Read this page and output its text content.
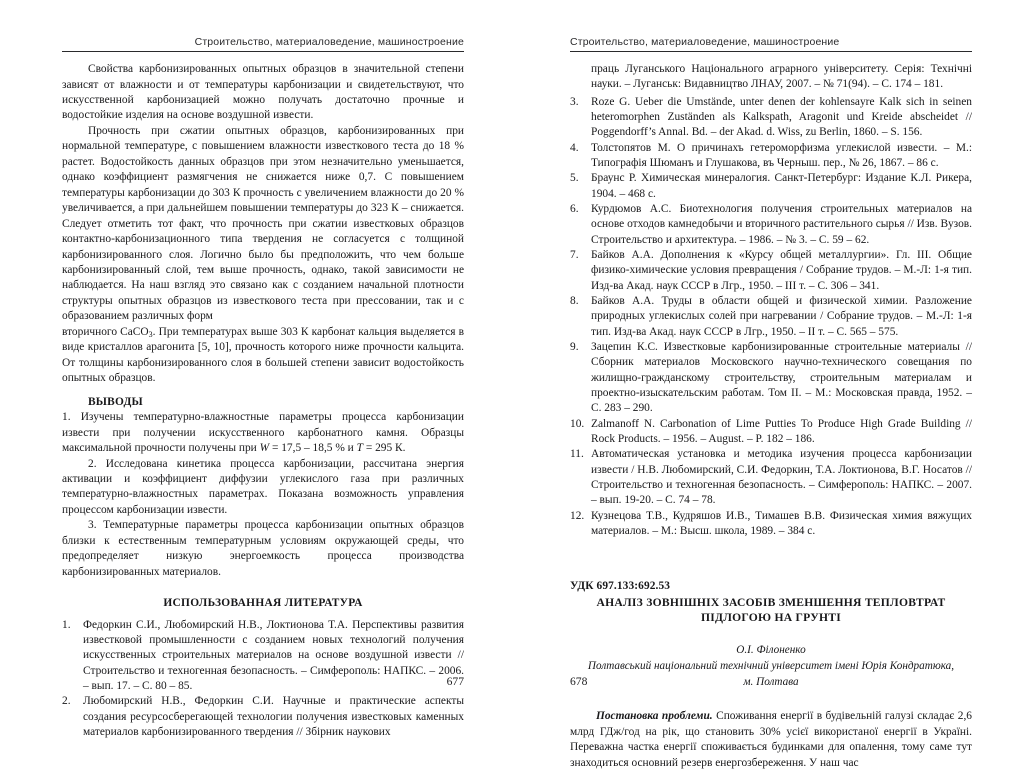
Строительство, материаловедение, машиностроение

Свойства карбонизированных опытных образцов в значительной степени зависят от влажности и от температуры карбонизации и свидетельствуют, что искусственной карбонизацией можно получать достаточно прочные и водостойкие изделия на основе воздушной извести.

Прочность при сжатии опытных образцов, карбонизированных при нормальной температуре, с повышением влажности известкового теста до 18 % растет. Водостойкость данных образцов при этом незначительно уменьшается, однако коэффициент размягчения не снижается ниже 0,7. С повышением температуры карбонизации до 303 К прочность с увеличением влажности до 20 % увеличивается, а при дальнейшем повышении температуры до 323 К – снижается. Следует отметить тот факт, что прочность при сжатии известковых образцов контактно-карбонизационного типа твердения не согласуется с толщиной карбонизированного слоя. Логично было бы предположить, что чем больше карбонизированный слой, тем выше прочность, однако, такой зависимости не наблюдается. На наш взгляд это связано как с созданием начальной плотности структуры опытных образцов из известкового теста при прессовании, так и с образованием различных форм

вторичного CaCO$_3$. При температурах выше 303 К карбонат кальция выделяется в виде кристаллов арагонита [5, 10], прочность которого ниже прочности кальцита. От толщины карбонизированного слоя в большей степени зависит водостойкость опытных образцов.

ВЫВОДЫ

1. Изучены температурно-влажностные параметры процесса карбонизации извести при получении искусственного карбонатного камня. Образцы максимальной прочности получены при W = 17,5 – 18,5 % и T = 295 К.

2. Исследована кинетика процесса карбонизации, рассчитана энергия активации и коэффициент диффузии углекислого газа при различных температурно-влажностных параметрах. Показана возможность управления процессом карбонизации извести.

3. Температурные параметры процесса карбонизации опытных образцов близки к естественным температурным условиям окружающей среды, что предопределяет низкую энергоемкость процесса производства карбонизированных материалов.

ИСПОЛЬЗОВАННАЯ ЛИТЕРАТУРА

1.	Федоркин С.И., Любомирский Н.В., Локтионова Т.А. Перспективы развития известковой промышленности с созданием новых технологий получения искусственных строительных материалов на основе воздушной извести // Строительство и техногенная безопасность. – Симферополь: НАПКС. – 2006. – вып. 17. – С. 80 – 85.
2.	Любомирский Н.В., Федоркин С.И. Научные и практические аспекты создания ресурсосберегающей технологии получения известковых каменных материалов карбонизированного твердения // Збірник наукових
677
Строительство, материаловедение, машиностроение

праць Луганського Національного аграрного університету. Серія: Технічні науки. – Луганськ: Видавництво ЛНАУ, 2007. – № 71(94). – С. 174 – 181.

3.	Roze G. Ueber die Umstände, unter denen der kohlensayre Kalk sich in seinen heteromorphen Zuständen als Kalkspath, Aragonit und Kreide abscheidet // Poggendorff’s Annal. Bd. – der Akad. d. Wiss, zu Berlin, 1860. – S. 156.
4.	Толстопятов М. О причинахъ гетероморфизма углекислой извести. – М.: Типографія Шюманъ и Глушакова, въ Черныш. пер., № 26, 1867. – 86 с.
5.	Браунс Р. Химическая минералогия. Санкт-Петербург: Издание К.Л. Рикера, 1904. – 468 с.
6.	Курдюмов А.С. Биотехнология получения строительных материалов на основе отходов камнедобычи и вторичного растительного сырья // Изв. Вузов. Строительство и архитектура. – 1986. – № 3. – С. 59 – 62.
7.	Байков А.А. Дополнения к «Курсу общей металлургии». Гл. III. Общие физико-химические условия превращения / Собрание трудов. – М.-Л: 1-я тип. Изд-ва Акад. наук СССР в Лгр., 1950. – III т. – С. 306 – 341.
8.	Байков А.А. Труды в области общей и физической химии. Разложение природных углекислых солей при нагревании / Собрание трудов. – М.-Л: 1-я тип. Изд-ва Акад. наук СССР в Лгр., 1950. – II т. – С. 565 – 575.
9.	Зацепин К.С. Известковые карбонизированные строительные материалы // Сборник материалов Московского научно-технического совещания по жилищно-гражданскому строительству, строительным материалам и проектно-изыскательским работам. Том II. – М.: Московская правда, 1952. – С. 283 – 290.
10. Zalmanoff N. Carbonation of Lime Putties To Produce High Grade Building // Rock Products. – 1956. – August. – P. 182 – 186.
11. Автоматическая установка и методика изучения процесса карбонизации извести / Н.В. Любомирский, С.И. Федоркин, Т.А. Локтионова, В.Г. Носатов // Строительство и техногенная безопасность. – Симферополь: НАПКС. – 2007. – вып. 19-20. – С. 74 – 78.
12. Кузнецова Т.В., Кудряшов И.В., Тимашев В.В. Физическая химия вяжущих материалов. – М.: Высш. школа, 1989. – 384 с.

УДК 697.133:692.53

АНАЛІЗ ЗОВНІШНІХ ЗАСОБІВ ЗМЕНШЕННЯ ТЕПЛОВТРАТ

ПІДЛОГОЮ НА ГРУНТІ

О.І. Філоненко

Полтавський національний технічний університет імені Юрія Кондратюка,

м. Полтава

Постановка проблеми. Споживання енергії в будівельній галузі складає 2,6 млрд ГДж/год на рік, що становить 30% усієї використаної енергії в Україні. Переважна частка енергії споживається будинками для опалення, тому саме тут знаходиться основний резерв енергозбереження. У наш час

678
